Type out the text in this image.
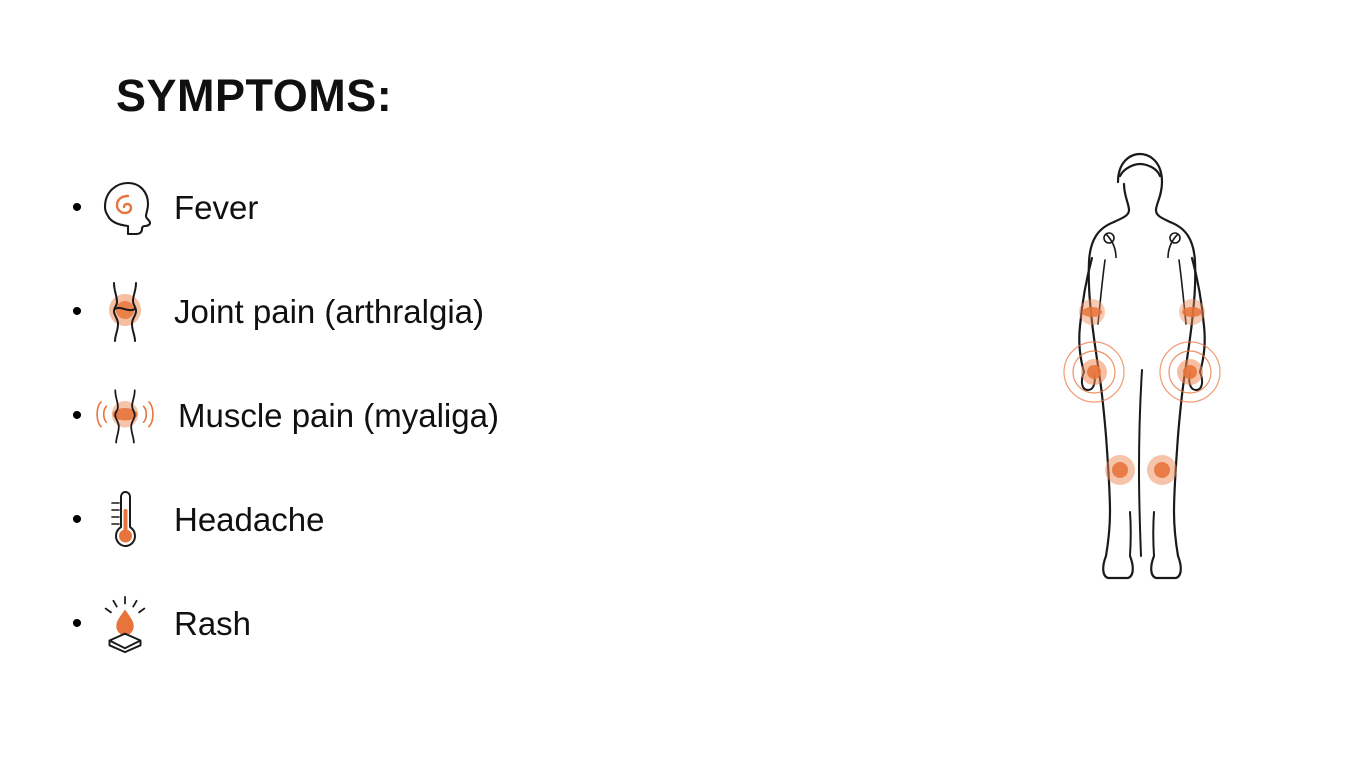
SYMPTOMS:
•	Fever
•	Joint pain (arthralgia)
•	Muscle pain (myaliga)
•	Headache
•	Rash
